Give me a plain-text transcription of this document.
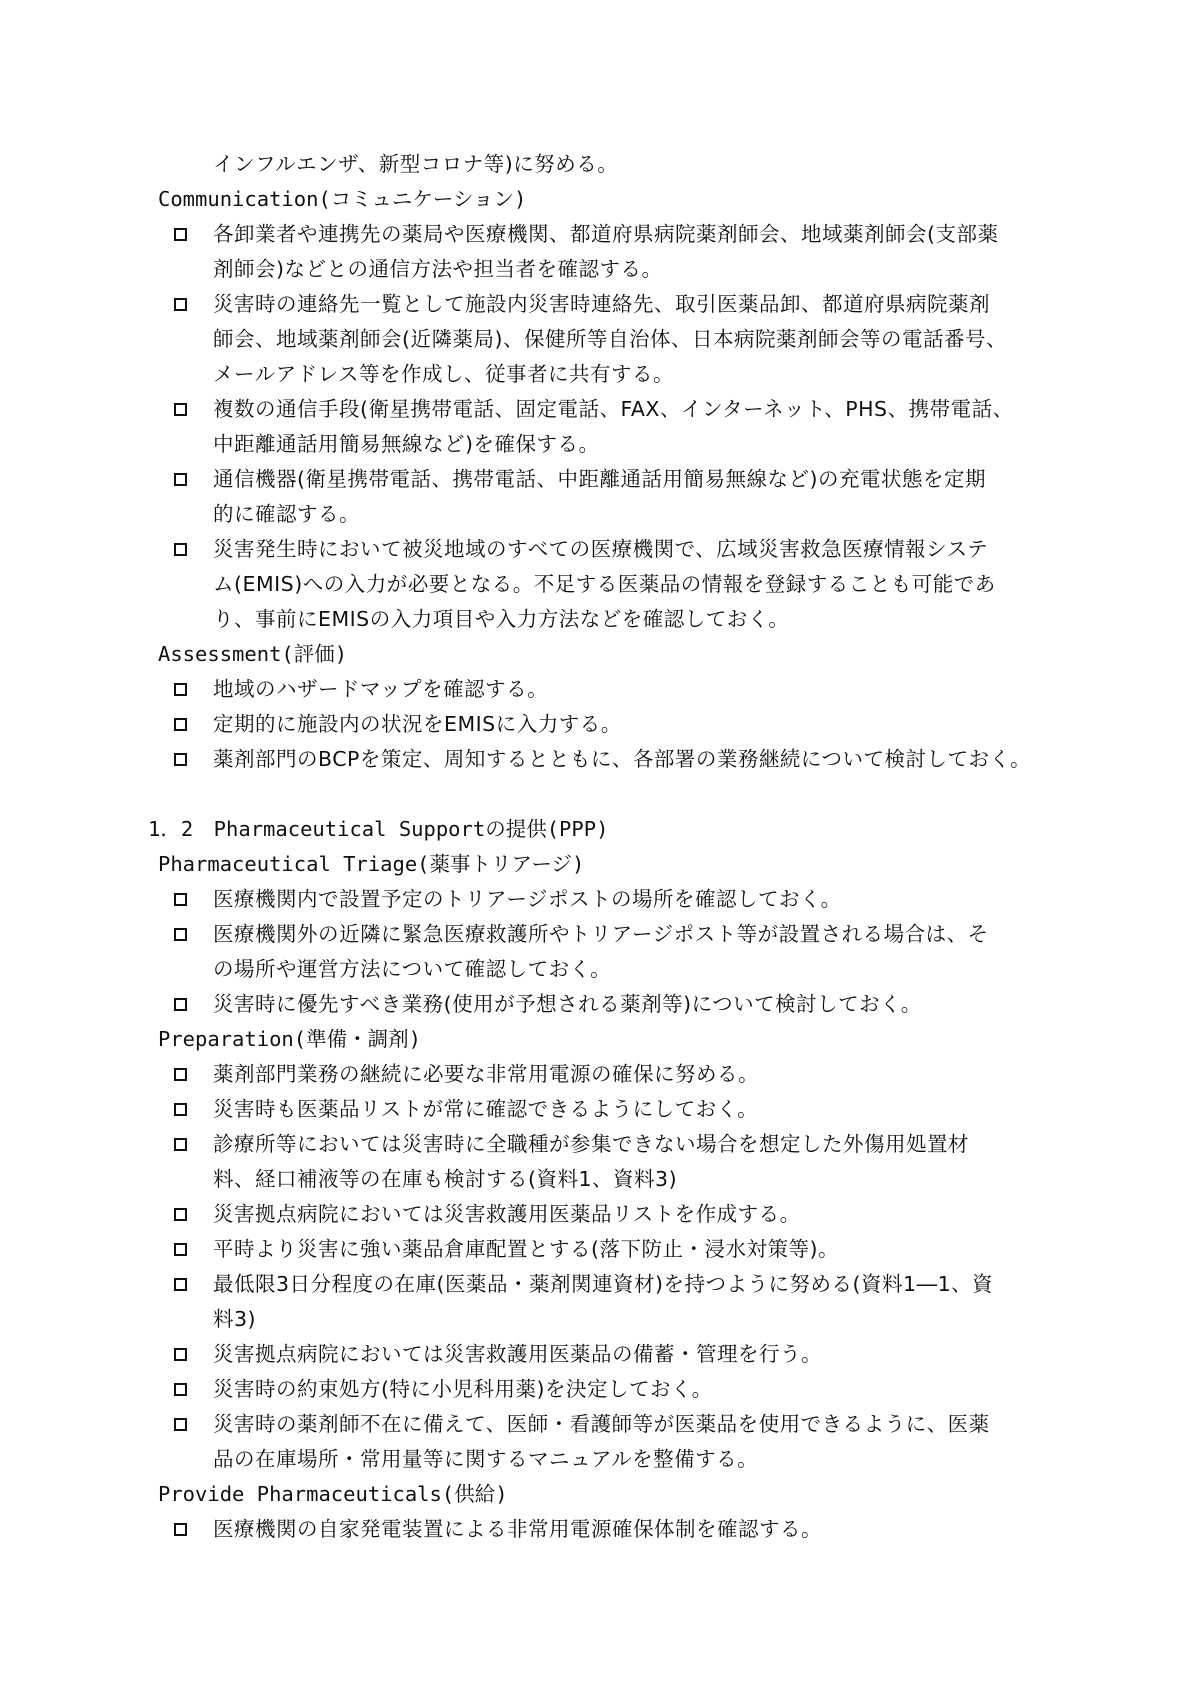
インフルエンザ、新型コロナ等)に努める。
Communication(コミュニケーション)
各卸業者や連携先の薬局や医療機関、都道府県病院薬剤師会、地域薬剤師会(支部薬
剤師会)などとの通信方法や担当者を確認する。
災害時の連絡先一覧として施設内災害時連絡先、取引医薬品卸、都道府県病院薬剤
師会、地域薬剤師会(近隣薬局)、保健所等自治体、日本病院薬剤師会等の電話番号、
メールアドレス等を作成し、従事者に共有する。
複数の通信手段(衛星携帯電話、固定電話、FAX、インターネット、PHS、携帯電話、
中距離通話用簡易無線など)を確保する。
通信機器(衛星携帯電話、携帯電話、中距離通話用簡易無線など)の充電状態を定期
的に確認する。
災害発生時において被災地域のすべての医療機関で、広域災害救急医療情報システ
ム(EMIS)への入力が必要となる。不足する医薬品の情報を登録することも可能であ
り、事前にEMISの入力項目や入力方法などを確認しておく。
Assessment(評価)
地域のハザードマップを確認する。
定期的に施設内の状況をEMISに入力する。
薬剤部門のBCPを策定、周知するとともに、各部署の業務継続について検討しておく。
1．2　Pharmaceutical Supportの提供(PPP)
Pharmaceutical Triage(薬事トリアージ)
医療機関内で設置予定のトリアージポストの場所を確認しておく。
医療機関外の近隣に緊急医療救護所やトリアージポスト等が設置される場合は、そ
の場所や運営方法について確認しておく。
災害時に優先すべき業務(使用が予想される薬剤等)について検討しておく。
Preparation(準備・調剤)
薬剤部門業務の継続に必要な非常用電源の確保に努める。
災害時も医薬品リストが常に確認できるようにしておく。
診療所等においては災害時に全職種が参集できない場合を想定した外傷用処置材
料、経口補液等の在庫も検討する(資料1、資料3)
災害拠点病院においては災害救護用医薬品リストを作成する。
平時より災害に強い薬品倉庫配置とする(落下防止・浸水対策等)。
最低限3日分程度の在庫(医薬品・薬剤関連資材)を持つように努める(資料1―1、資
料3)
災害拠点病院においては災害救護用医薬品の備蓄・管理を行う。
災害時の約束処方(特に小児科用薬)を決定しておく。
災害時の薬剤師不在に備えて、医師・看護師等が医薬品を使用できるように、医薬
品の在庫場所・常用量等に関するマニュアルを整備する。
Provide Pharmaceuticals(供給)
医療機関の自家発電装置による非常用電源確保体制を確認する。
